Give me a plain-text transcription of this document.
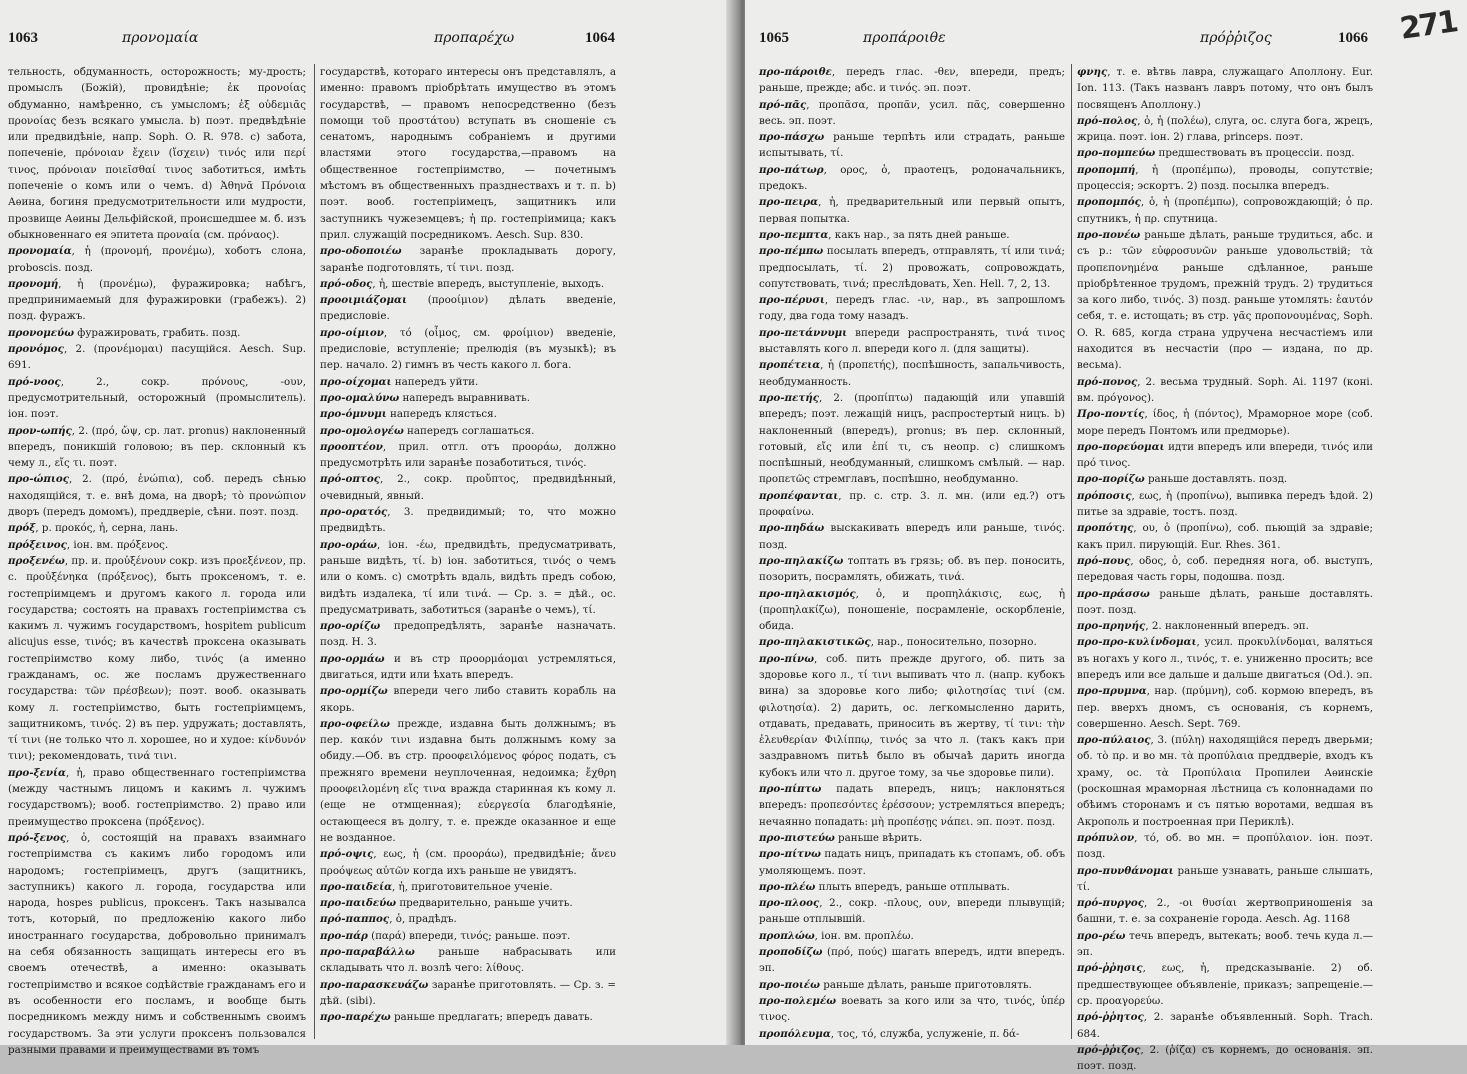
1063	προνομαία	προπαρέχω	1064

тельность, обдуманность, осторожность; му-дрость; промыслъ (Божій), провидѣніе; ἐκ προνοίας обдуманно, намѣренно, съ умысломъ; ἐξ οὐδεμιᾶς προνοίας безъ всякаго умысла. b) поэт. предвѣдѣніе или предвидѣніе, напр. Soph. O. R. 978. c) забота, попеченіе, πρόνοιαν ἔχειν (ἴσχειν) τινός или περί τινος, πρόνοιαν ποιεῖσθαί τινος заботиться, имѣть попеченіе о комъ или о чемъ. d) Ἀθηνᾶ Πρόνοια Аѳина, богиня предусмотрительности или мудрости, прозвище Аѳины Дельфійской, происшедшее м. б. изъ обыкновеннаго ея эпитета προναία (см. πρόναος).

προνομαία, ἡ (προνομή, προνέμω), хоботъ слона, proboscis. позд.

προνομή, ἡ (προνέμω), фуражировка; набѣгъ, предпринимаемый для фуражировки (грабежъ). 2) позд. фуражъ.

προνομεύω фуражировать, грабить. позд.

προνόμος, 2. (προνέμομαι) пасущійся. Aesch. Sup. 691.

πρό-νοος, 2., сокр. πρόνους, -ουν, предусмотрительный, осторожный (промыслитель). іон. поэт.

προν-ωπής, 2. (πρό, ὤψ, ср. лат. pronus) наклоненный впередъ, поникшій головою; въ пер. склонный къ чему л., εἴς τι. поэт.

προ-ώπιος, 2. (πρό, ἐνώπια), соб. передъ сѣнью находящійся, т. е. внѣ дома, на дворѣ; τὸ προνώπιον дворъ (передъ домомъ), преддверіе, сѣни. поэт. позд.

πρόξ, р. προκός, ἡ, серна, лань.

πρόξεινος, іон. вм. πρόξενος.

προξενέω, пр. и. προὐξένουν сокр. изъ προεξένεον, пр. с. προὐξένηκα (πρόξενος), быть проксеномъ, т. е. гостепріимцемъ и другомъ какого л. города или государства; состоять на правахъ гостепріимства съ какимъ л. чужимъ государствомъ, hospitem publicum alicujus esse, τινός; въ качествѣ проксена оказывать гостепріимство кому либо, τινός (а именно гражданамъ, ос. же посламъ дружественнаго государства: τῶν πρέσβεων); поэт. вооб. оказывать кому л. гостепріимство, быть гостепріимцемъ, защитникомъ, τινός. 2) въ пер. удружать; доставлять, τί τινι (не только что л. хорошее, но и худое: κίνδυνόν τινι); рекомендовать, τινά τινι.

προ-ξενία, ἡ, право общественнаго гостепріимства (между частнымъ лицомъ и какимъ л. чужимъ государствомъ); вооб. гостепріимство. 2) право или преимущество проксена (πρόξενος).

πρό-ξενος, ὁ, состоящій на правахъ взаимнаго гостепріимства съ какимъ либо городомъ или народомъ; гостепріимецъ, другъ (защитникъ, заступникъ) какого л. города, государства или народа, hospes publicus, проксенъ. Такъ называлса тотъ, который, по предложенію какого либо иностраннаго государства, добровольно принималъ на себя обязанность защищать интересы его въ своемъ отечествѣ, а именно: оказывать гостепріимство и всякое содѣйствіе гражданамъ его и въ особенности его посламъ, и вообще быть посредникомъ между нимъ и собственнымъ своимъ государствомъ. За эти услуги проксенъ пользовался разными правами и преимуществами въ томъ

государствѣ, котораго интересы онъ представлялъ, а именно: правомъ пріобрѣтать имущество въ этомъ государствѣ, — правомъ непосредственно (безъ помощи τοῦ προστάτου) вступать въ сношеніе съ сенатомъ, народнымъ собраніемъ и другими властями этого государства,—правомъ на общественное гостепріимство, — почетнымъ мѣстомъ въ общественныхъ празднествахъ и т. п. b) поэт. вооб. гостепріимецъ, защитникъ или заступникъ чужеземцевъ; ἡ πρ. гостепріимица; какъ прил. служащій посредникомъ. Aesch. Sup. 830.

προ-οδοποιέω заранѣе прокладывать дорогу, заранѣе подготовлять, τί τινι. позд.

πρό-οδος, ἡ, шествіе впередъ, выступленіе, выходъ.

προοιμιάζομαι (προοίμιον) дѣлать введеніе, предисловіе.

προ-οίμιον, τό (οἶμος, см. φροίμιον) введеніе, предисловіе, вступленіе; прелюдія (въ музыкѣ); въ пер. начало. 2) гимнъ въ честь какого л. бога.

προ-οίχομαι напередъ уйти.

προ-ομαλύνω напередъ выравнивать.

προ-όμνυμι напередъ клясться.

προ-ομολογέω напередъ соглашаться.

προοπτέον, прил. отгл. отъ προοράω, должно предусмотрѣть или заранѣе позаботиться, τινός.

πρό-οπτος, 2., сокр. προὔπτος, предвидѣнный, очевидный, явный.

προ-ορατός, 3. предвидимый; то, что можно предвидѣть.

προ-οράω, іон. -έω, предвидѣть, предусматривать, раньше видѣть, τί. b) іон. заботиться, τινός о чемъ или о комъ. c) смотрѣть вдаль, видѣть предъ собою, видѣть издалека, τί или τινά. — Ср. з. = дѣй., ос. предусматривать, заботиться (заранѣе о чемъ), τί.

προ-ορίζω предопредѣлять, заранѣе назначать. позд. H. 3.

προ-ορμάω и въ стр προορμάομαι устремляться, двигаться, идти или ѣхать впередъ.

προ-ορμίζω впереди чего либо ставить корабль на якорь.

προ-οφείλω прежде, издавна быть должнымъ; въ пер. κακόν τινι издавна быть должнымъ кому за обиду.—Об. въ стр. προοφειλόμενος φόρος подать, съ прежняго времени неуплоченная, недоимка; ἔχθρη προοφειλομένη εἴς τινα вражда старинная къ кому л. (еще не отмщенная); εὐεργεσία благодѣяніе, остающееся въ долгу, т. е. прежде оказанное и еще не возданное.

πρό-οψις, εως, ἡ (см. προοράω), предвидѣніе; ἄνευ προόψεως αὐτῶν когда ихъ раньше не увидятъ.

προ-παιδεία, ἡ, приготовительное ученіе.

προ-παιδεύω предварительно, раньше учить.

πρό-παππος, ὁ, прадѣдъ.

προ-πάρ (παρά) впереди, τινός; раньше. поэт.

προ-παραβάλλω раньше набрасывать или складывать что л. возлѣ чего: λίθους.

προ-παρασκευάζω заранѣе приготовлять. — Ср. з. = дѣй. (sibi).

προ-παρέχω раньше предлагать; впередъ давать.

1065	προπάροιθε	πρόῤῥιζος	1066 271

προ-πάροιθε, передъ глас. -θεν, впереди, предъ; раньше, прежде; абс. и τινός. эп. поэт.

πρό-πᾶς, προπᾶσα, προπᾶν, усил. πᾶς, совершенно весь. эп. поэт.

προ-πάσχω раньше терпѣть или страдать, раньше испытывать, τί.

προ-πάτωρ, ορος, ὁ, праотецъ, родоначальникъ, предокъ.

προ-πειρα, ἡ, предварительный или первый опытъ, первая попытка.

προ-πεμπτα, какъ нар., за пять дней раньше.

προ-πέμπω посылать впередъ, отправлять, τί или τινά; предпосылать, τί. 2) провожать, сопровождать, сопутствовать, τινά; преслѣдовать, Xen. Hell. 7, 2, 13.

προ-πέρυσι, передъ глас. -ιν, нар., въ запрошломъ году, два года тому назадъ.

προ-πετάννυμι впереди распространять, τινά τινος выставлять кого л. впереди кого л. (для защиты).

προπέτεια, ἡ (προπετής), поспѣшность, запальчивость, необдуманность.

προ-πετής, 2. (προπίπτω) падающій или упавшій впередъ; поэт. лежащій ницъ, распростертый ницъ. b) наклоненный (впередъ), pronus; въ пер. склонный, готовый, εἴς или ἐπί τι, съ неопр. c) слишкомъ поспѣшный, необдуманный, слишкомъ смѣлый. — нар. πρoπετῶς стремглавъ, поспѣшно, необдуманно.

προπέφανται, пр. с. стр. 3. л. мн. (или ед.?) отъ προφαίνω.

προ-πηδάω выскакивать впередъ или раньше, τινός. позд.

προ-πηλακίζω топтать въ грязь; об. въ пер. поносить, позорить, посрамлять, обижать, τινά.

προ-πηλακισμός, ὁ, и προπηλάκισις, εως, ἡ (προπηλακίζω), поношеніе, посрамленіе, оскорбленіе, обида.

προ-πηλακιστικῶς, нар., поносительно, позорно.

προ-πίνω, соб. пить прежде другого, об. пить за здоровье кого л., τί τινι выпивать что л. (напр. кубокъ вина) за здоровье кого либо; φιλοτησίας τινί (см. φιλοτησία). 2) дарить, ос. легкомысленно дарить, отдавать, предавать, приносить въ жертву, τί τινι: τὴν ἐλευθερίαν Φιλίππῳ, τινός за что л. (такъ какъ при заздравномъ питьѣ было въ обычаѣ дарить иногда кубокъ или что л. другое тому, за чье здоровье пили).

προ-πίπτω падать впередъ, ницъ; наклоняться впередъ: προπεσόντες ἐρέσσουν; устремляться впередъ; нечаянно попадать: μὴ προπέσῃς νάπει. эп. поэт. позд.

προ-πιστεύω раньше вѣрить.

προ-πίτνω падать ницъ, припадать къ стопамъ, об. объ умоляющемъ. поэт.

προ-πλέω плыть впередъ, раньше отплывать.

προ-πλοος, 2., сокр. -πλους, ουν, впереди плывущій; раньше отплывшій.

προπλώω, іон. вм. προπλέω.

προποδίζω (πρό, πούς) шагать впередъ, идти впередъ. эп.

προ-ποιέω раньше дѣлать, раньше приготовлять.

προ-πολεμέω воевать за кого или за что, τινός, ὑπέρ τινος.

προπόλευμα, τος, τό, служба, услуженіе, π. δά-

φνης, т. е. вѣтвь лавра, служащаго Аполлону. Eur. Ion. 113. (Такъ названъ лавръ потому, что онъ былъ посвященъ Аполлону.)

πρό-πολος, ὁ, ἡ (πολέω), слуга, ос. слуга бога, жрецъ, жрица. поэт. іон. 2) глава, princeps. поэт.

προ-πομπεύω предшествовать въ процессіи. позд.

προπομπή, ἡ (προπέμπω), проводы, сопутствіе; процессія; эскортъ. 2) позд. посылка впередъ.

προπομπός, ὁ, ἡ (προπέμπω), сопровождающій; ὁ πρ. спутникъ, ἡ πρ. спутница.

προ-πονέω раньше дѣлать, раньше трудиться, абс. и съ р.: τῶν εὐφροσυνῶν раньше удовольствій; τὰ προπεπονημένα раньше сдѣланное, раньше пріобрѣтенное трудомъ, прежній трудъ. 2) трудиться за кого либо, τινός. 3) позд. раньше утомлять: ἑαυτόν себя, т. е. истощать; въ стр. γᾶς προπονουμένας, Soph. O. R. 685, когда страна удручена несчастіемъ или находится въ несчастіи (προ — издана, по др. весьма).

πρό-πονος, 2. весьма трудный. Soph. Ai. 1197 (коні. вм. πρόγονος).

Προ-ποντίς, ίδος, ἡ (πόντος), Мраморное море (соб. море передъ Понтомъ или предморье).

προ-πορεύομαι идти впередъ или впереди, τινός или πρό τινος.

προ-πορίζω раньше доставлять. позд.

πρόποσις, εως, ἡ (προπίνω), выпивка передъ ѣдой. 2) питье за здравіе, тостъ. позд.

προπότης, ου, ὁ (προπίνω), соб. пьющій за здравіе; какъ прил. пирующій. Eur. Rhes. 361.

πρό-πους, οδος, ὁ, соб. передняя нога, об. выступъ, передовая часть горы, подошва. позд.

προ-πράσσω раньше дѣлать, раньше доставлять. поэт. позд.

προ-πρηνής, 2. наклоненный впередъ. эп.

προ-προ-κυλίνδομαι, усил. προκυλίνδομαι, валяться въ ногахъ у кого л., τινός, т. е. униженно просить; все впередъ или все дальше и дальше двигаться (Od.). эп.

προ-πρυμνα, нар. (πρύμνη), соб. кормою впередъ, въ пер. вверхъ дномъ, съ основанія, съ корнемъ, совершенно. Aesch. Sept. 769.

προ-πύλαιος, 3. (πύλη) находящійся передъ дверьми; об. τὸ πρ. и во мн. τὰ προπύλαια преддверіе, входъ къ храму, ос. τὰ Προπύλαια Пропилеи Аѳинскіе (роскошная мраморная лѣстница съ колоннадами по обѣимъ сторонамъ и съ пятью воротами, ведшая въ Акрополь и построенная при Периклѣ).

πρόπυλον, τό, об. во мн. = προπύλαιον. іон. поэт. позд.

προ-πυνθάνομαι раньше узнавать, раньше слышать, τί.

πρό-πυργος, 2., -οι θυσίαι жертвоприношенія за башни, т. е. за сохраненіе города. Aesch. Ag. 1168

προ-ρέω течь впередъ, вытекать; вооб. течь куда л.—эп.

πρό-ῤῥησις, εως, ἡ, предсказываніе. 2) об. предшествующее объявленіе, приказъ; запрещеніе.—ср. προαγορεύω.

πρό-ῤῥητος, 2. заранѣе объявленный. Soph. Trach. 684.

πρό-ῤῥιζος, 2. (ῥίζα) съ корнемъ, до основанія. эп. поэт. позд.
